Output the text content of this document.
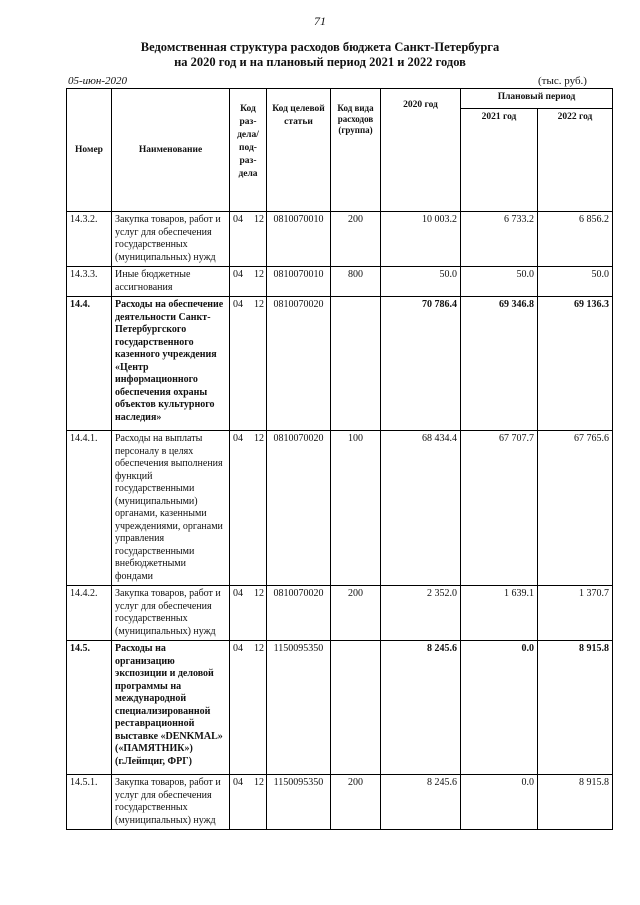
71
Ведомственная структура расходов бюджета Санкт-Петербурга
на 2020 год и на плановый период 2021 и 2022 годов
05-июн-2020	(тыс. руб.)
Номер	Наименование	Код раз-дела/ под-раз-дела		Код целевой статьи	Код вида расходов (группа)	2020 год	Плановый период	
							2021 год	2022 год
14.3.2.	Закупка товаров, работ и услуг для обеспечения государственных (муниципальных) нужд	04	12	0810070010	200	10 003.2	6 733.2	6 856.2
14.3.3.	Иные бюджетные ассигнования	04	12	0810070010	800	50.0	50.0	50.0
14.4.	Расходы на обеспечение деятельности Санкт-Петербургского государственного казенного учреждения «Центр информационного обеспечения охраны объектов культурного наследия»	04	12	0810070020		70 786.4	69 346.8	69 136.3
14.4.1.	Расходы на выплаты персоналу в целях обеспечения выполнения функций государственными (муниципальными) органами, казенными учреждениями, органами управления государственными внебюджетными фондами	04	12	0810070020	100	68 434.4	67 707.7	67 765.6
14.4.2.	Закупка товаров, работ и услуг для обеспечения государственных (муниципальных) нужд	04	12	0810070020	200	2 352.0	1 639.1	1 370.7
14.5.	Расходы на организацию экспозиции и деловой программы на международной специализированной реставрационной выставке «DENKMAL» («ПАМЯТНИК») (г.Лейпциг, ФРГ)	04	12	1150095350		8 245.6	0.0	8 915.8
14.5.1.	Закупка товаров, работ и услуг для обеспечения государственных (муниципальных) нужд	04	12	1150095350	200	8 245.6	0.0	8 915.8
